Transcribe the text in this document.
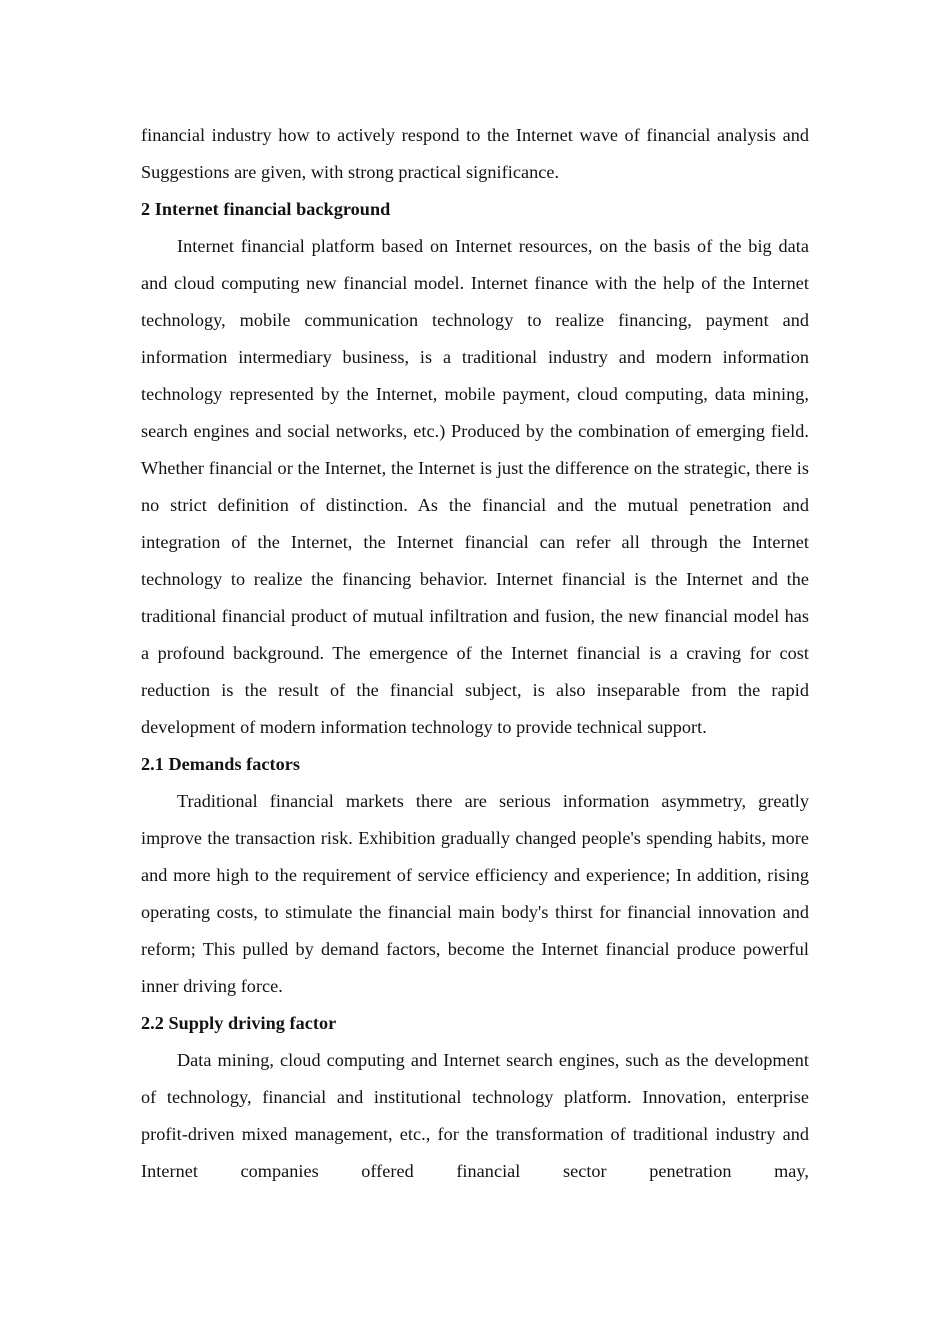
financial industry how to actively respond to the Internet wave of financial analysis and Suggestions are given, with strong practical significance.

2 Internet financial background

Internet financial platform based on Internet resources, on the basis of the big data and cloud computing new financial model. Internet finance with the help of the Internet technology, mobile communication technology to realize financing, payment and information intermediary business, is a traditional industry and modern information technology represented by the Internet, mobile payment, cloud computing, data mining, search engines and social networks, etc.) Produced by the combination of emerging field. Whether financial or the Internet, the Internet is just the difference on the strategic, there is no strict definition of distinction. As the financial and the mutual penetration and integration of the Internet, the Internet financial can refer all through the Internet technology to realize the financing behavior. Internet financial is the Internet and the traditional financial product of mutual infiltration and fusion, the new financial model has a profound background. The emergence of the Internet financial is a craving for cost reduction is the result of the financial subject, is also inseparable from the rapid development of modern information technology to provide technical support.

2.1 Demands factors

Traditional financial markets there are serious information asymmetry, greatly improve the transaction risk. Exhibition gradually changed people's spending habits, more and more high to the requirement of service efficiency and experience; In addition, rising operating costs, to stimulate the financial main body's thirst for financial innovation and reform; This pulled by demand factors, become the Internet financial produce powerful inner driving force.

2.2 Supply driving factor

Data mining, cloud computing and Internet search engines, such as the development of technology, financial and institutional technology platform. Innovation, enterprise profit-driven mixed management, etc., for the transformation of traditional industry and Internet companies offered financial sector penetration may,
